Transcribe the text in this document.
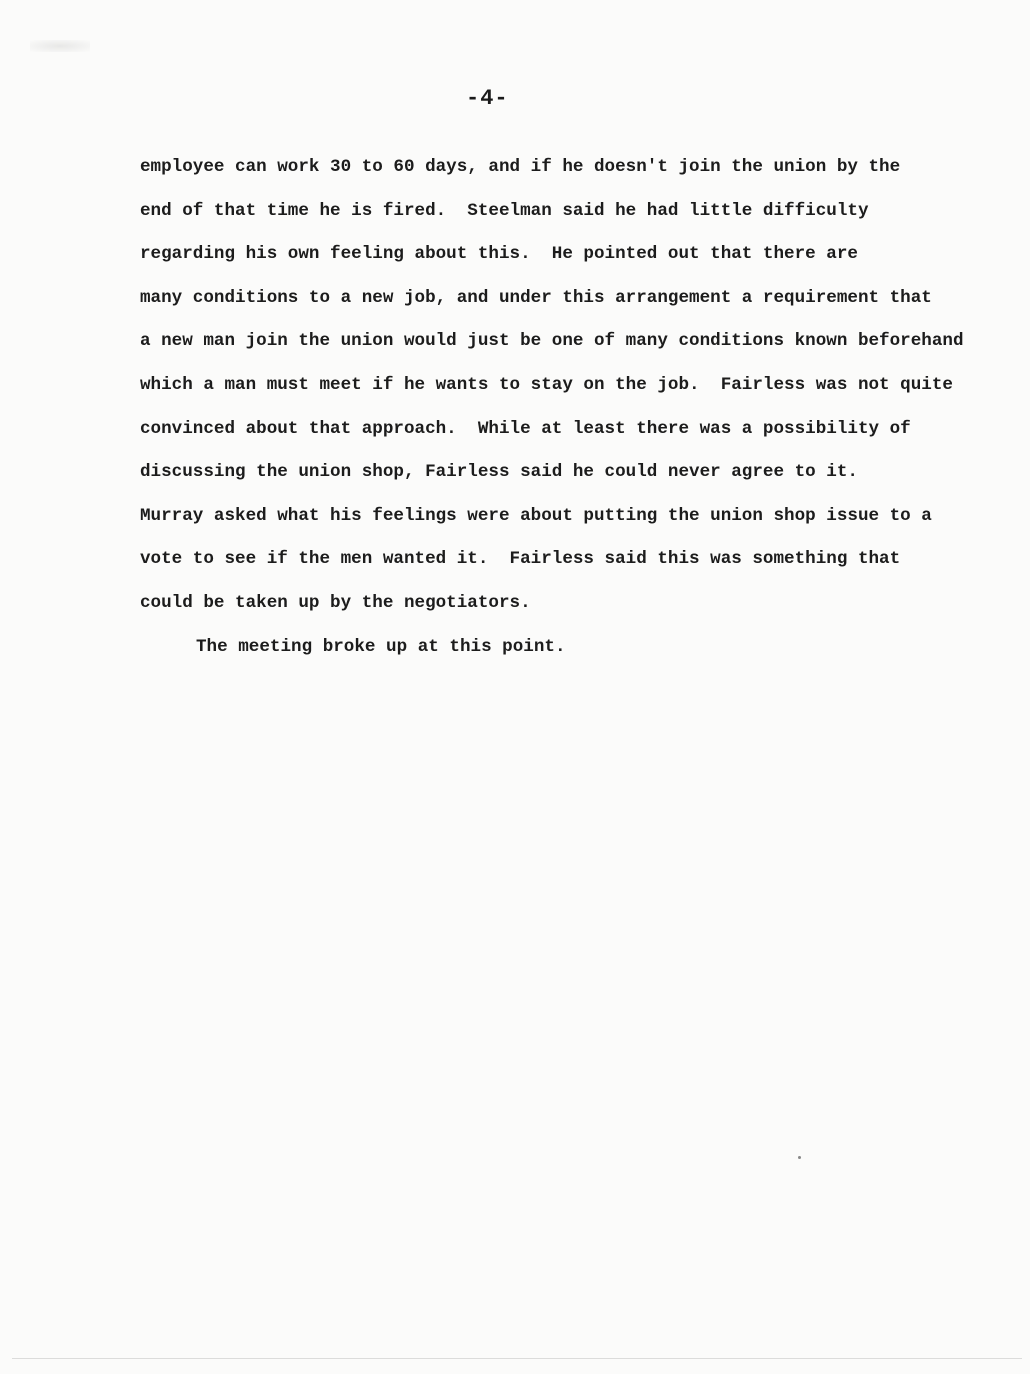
-4-
employee can work 30 to 60 days, and if he doesn't join the union by the
end of that time he is fired.  Steelman said he had little difficulty
regarding his own feeling about this.  He pointed out that there are
many conditions to a new job, and under this arrangement a requirement that
a new man join the union would just be one of many conditions known beforehand
which a man must meet if he wants to stay on the job.  Fairless was not quite
convinced about that approach.  While at least there was a possibility of
discussing the union shop, Fairless said he could never agree to it.
Murray asked what his feelings were about putting the union shop issue to a
vote to see if the men wanted it.  Fairless said this was something that
could be taken up by the negotiators.
The meeting broke up at this point.
